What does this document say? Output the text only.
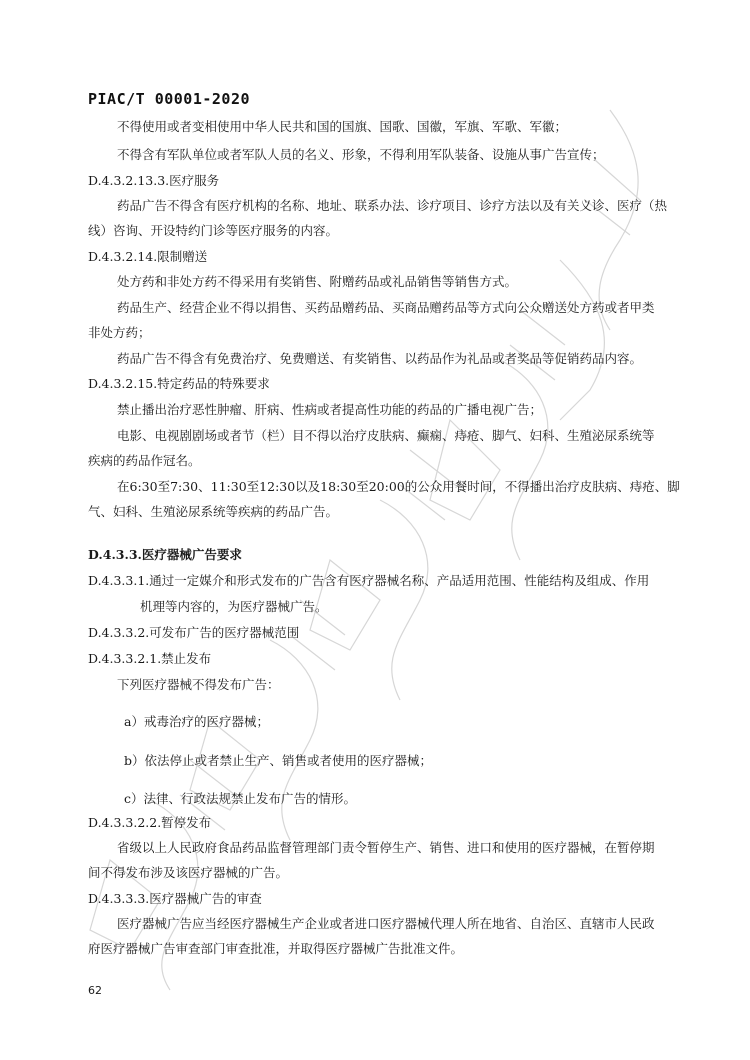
PIAC/T 00001-2020
不得使用或者变相使用中华人民共和国的国旗、国歌、国徽，军旗、军歌、军徽；
不得含有军队单位或者军队人员的名义、形象，不得利用军队装备、设施从事广告宣传；
D.4.3.2.13.3.医疗服务
药品广告不得含有医疗机构的名称、地址、联系办法、诊疗项目、诊疗方法以及有关义诊、医疗（热
线）咨询、开设特约门诊等医疗服务的内容。
D.4.3.2.14.限制赠送
处方药和非处方药不得采用有奖销售、附赠药品或礼品销售等销售方式。
药品生产、经营企业不得以捐售、买药品赠药品、买商品赠药品等方式向公众赠送处方药或者甲类
非处方药；
药品广告不得含有免费治疗、免费赠送、有奖销售、以药品作为礼品或者奖品等促销药品内容。
D.4.3.2.15.特定药品的特殊要求
禁止播出治疗恶性肿瘤、肝病、性病或者提高性功能的药品的广播电视广告；
电影、电视剧剧场或者节（栏）目不得以治疗皮肤病、癫痫、痔疮、脚气、妇科、生殖泌尿系统等
疾病的药品作冠名。
在6:30至7:30、11:30至12:30以及18:30至20:00的公众用餐时间，不得播出治疗皮肤病、痔疮、脚
气、妇科、生殖泌尿系统等疾病的药品广告。
D.4.3.3.医疗器械广告要求
D.4.3.3.1.通过一定媒介和形式发布的广告含有医疗器械名称、产品适用范围、性能结构及组成、作用
机理等内容的，为医疗器械广告。
D.4.3.3.2.可发布广告的医疗器械范围
D.4.3.3.2.1.禁止发布
下列医疗器械不得发布广告：
a）戒毒治疗的医疗器械；
b）依法停止或者禁止生产、销售或者使用的医疗器械；
c）法律、行政法规禁止发布广告的情形。
D.4.3.3.2.2.暂停发布
省级以上人民政府食品药品监督管理部门责令暂停生产、销售、进口和使用的医疗器械，在暂停期
间不得发布涉及该医疗器械的广告。
D.4.3.3.3.医疗器械广告的审查
医疗器械广告应当经医疗器械生产企业或者进口医疗器械代理人所在地省、自治区、直辖市人民政
府医疗器械广告审查部门审查批准，并取得医疗器械广告批准文件。
62
